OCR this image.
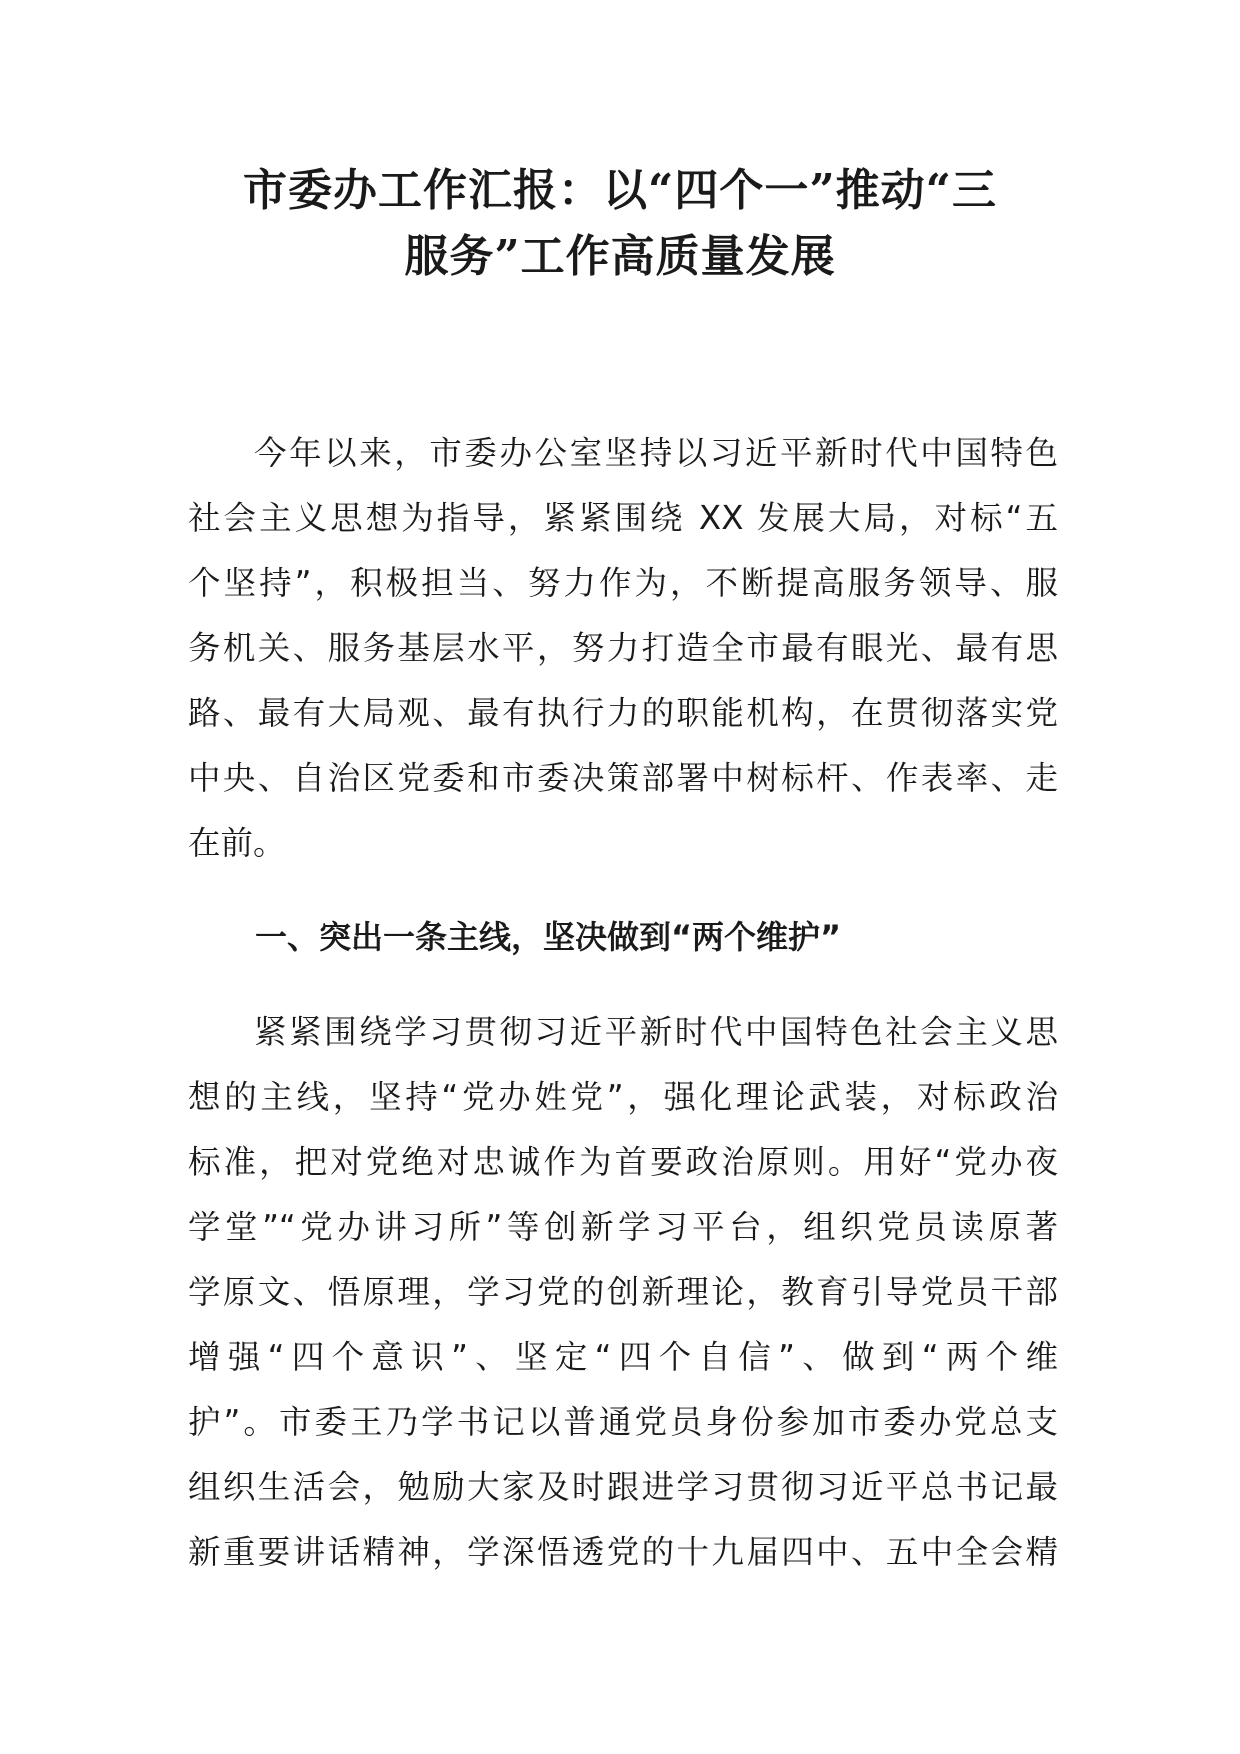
市委办工作汇报：以“四个一”推动“三
服务”工作高质量发展

今年以来，市委办公室坚持以习近平新时代中国特色
社会主义思想为指导，紧紧围绕 XX 发展大局，对标“五
个坚持”，积极担当、努力作为，不断提高服务领导、服
务机关、服务基层水平，努力打造全市最有眼光、最有思
路、最有大局观、最有执行力的职能机构，在贯彻落实党
中央、自治区党委和市委决策部署中树标杆、作表率、走
在前。

一、突出一条主线，坚决做到“两个维护”

紧紧围绕学习贯彻习近平新时代中国特色社会主义思
想的主线，坚持“党办姓党”，强化理论武装，对标政治
标准，把对党绝对忠诚作为首要政治原则。用好“党办夜
学堂”“党办讲习所”等创新学习平台，组织党员读原著
学原文、悟原理，学习党的创新理论，教育引导党员干部
增强“四个意识”、坚定“四个自信”、做到“两个维
护”。市委王乃学书记以普通党员身份参加市委办党总支
组织生活会，勉励大家及时跟进学习贯彻习近平总书记最
新重要讲话精神，学深悟透党的十九届四中、五中全会精
